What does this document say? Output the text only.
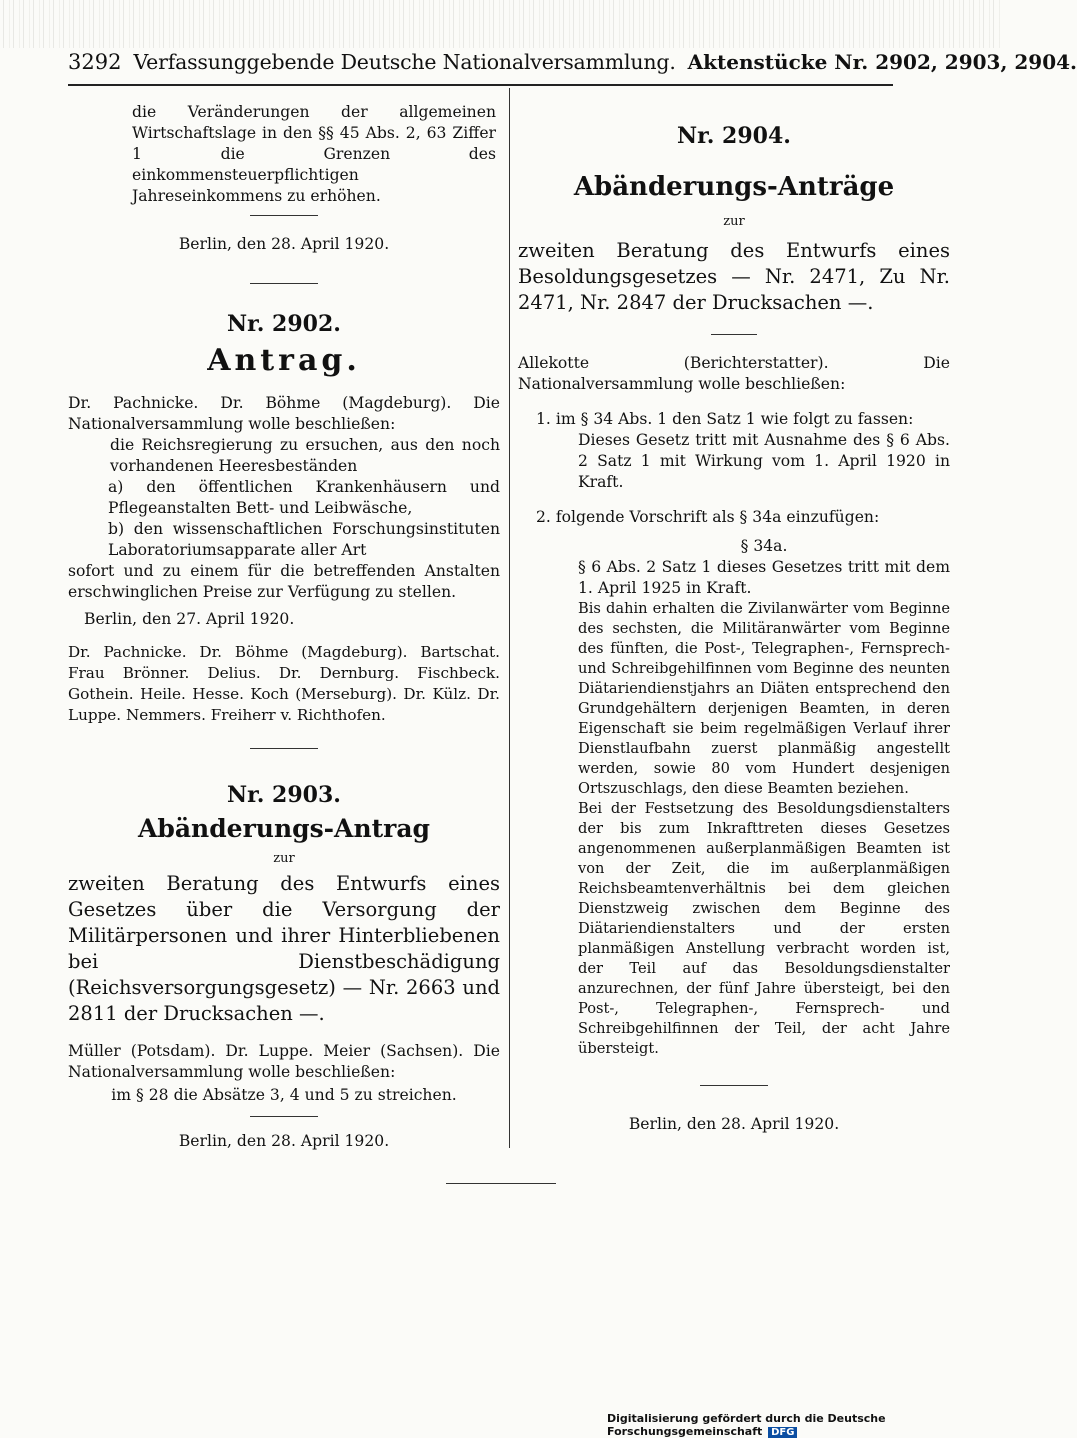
3292 Verfassunggebende Deutsche Nationalversammlung. Aktenstücke Nr. 2902, 2903, 2904.

die Veränderungen der allgemeinen Wirtschaftslage in den §§ 45 Abs. 2, 63 Ziffer 1 die Grenzen des einkommensteuerpflichtigen Jahreseinkommens zu erhöhen.

Berlin, den 28. April 1920.

Nr. 2902.

Antrag.

Dr. Pachnicke. Dr. Böhme (Magdeburg). Die Nationalversammlung wolle beschließen:

die Reichsregierung zu ersuchen, aus den noch vorhandenen Heeresbeständen

a) den öffentlichen Krankenhäusern und Pflegeanstalten Bett- und Leibwäsche,

b) den wissenschaftlichen Forschungsinstituten Laboratoriumsapparate aller Art

sofort und zu einem für die betreffenden Anstalten erschwinglichen Preise zur Verfügung zu stellen.

Berlin, den 27. April 1920.

Dr. Pachnicke. Dr. Böhme (Magdeburg). Bartschat. Frau Brönner. Delius. Dr. Dernburg. Fischbeck. Gothein. Heile. Hesse. Koch (Merseburg). Dr. Külz. Dr. Luppe. Nemmers. Freiherr v. Richthofen.

Nr. 2903.

Abänderungs-Antrag

zur

zweiten Beratung des Entwurfs eines Gesetzes über die Versorgung der Militärpersonen und ihrer Hinterbliebenen bei Dienstbeschädigung (Reichsversorgungsgesetz) — Nr. 2663 und 2811 der Drucksachen —.

Müller (Potsdam). Dr. Luppe. Meier (Sachsen). Die Nationalversammlung wolle beschließen:

im § 28 die Absätze 3, 4 und 5 zu streichen.

Berlin, den 28. April 1920.

Nr. 2904.

Abänderungs-Anträge

zur

zweiten Beratung des Entwurfs eines Besoldungsgesetzes — Nr. 2471, Zu Nr. 2471, Nr. 2847 der Drucksachen —.

Allekotte (Berichterstatter). Die Nationalversammlung wolle beschließen:

1. im § 34 Abs. 1 den Satz 1 wie folgt zu fassen:

Dieses Gesetz tritt mit Ausnahme des § 6 Abs. 2 Satz 1 mit Wirkung vom 1. April 1920 in Kraft.

2. folgende Vorschrift als § 34a einzufügen:

§ 34a.

§ 6 Abs. 2 Satz 1 dieses Gesetzes tritt mit dem 1. April 1925 in Kraft.

Bis dahin erhalten die Zivilanwärter vom Beginne des sechsten, die Militäranwärter vom Beginne des fünften, die Post-, Telegraphen-, Fernsprech- und Schreibgehilfinnen vom Beginne des neunten Diätariendienstjahrs an Diäten entsprechend den Grundgehältern derjenigen Beamten, in deren Eigenschaft sie beim regelmäßigen Verlauf ihrer Dienstlaufbahn zuerst planmäßig angestellt werden, sowie 80 vom Hundert desjenigen Ortszuschlags, den diese Beamten beziehen.

Bei der Festsetzung des Besoldungsdienstalters der bis zum Inkrafttreten dieses Gesetzes angenommenen außerplanmäßigen Beamten ist von der Zeit, die im außerplanmäßigen Reichsbeamtenverhältnis bei dem gleichen Dienstzweig zwischen dem Beginne des Diätariendienstalters und der ersten planmäßigen Anstellung verbracht worden ist, der Teil auf das Besoldungsdienstalter anzurechnen, der fünf Jahre übersteigt, bei den Post-, Telegraphen-, Fernsprech- und Schreibgehilfinnen der Teil, der acht Jahre übersteigt.

Berlin, den 28. April 1920.

Digitalisierung gefördert durch die Deutsche Forschungsgemeinschaft DFG
